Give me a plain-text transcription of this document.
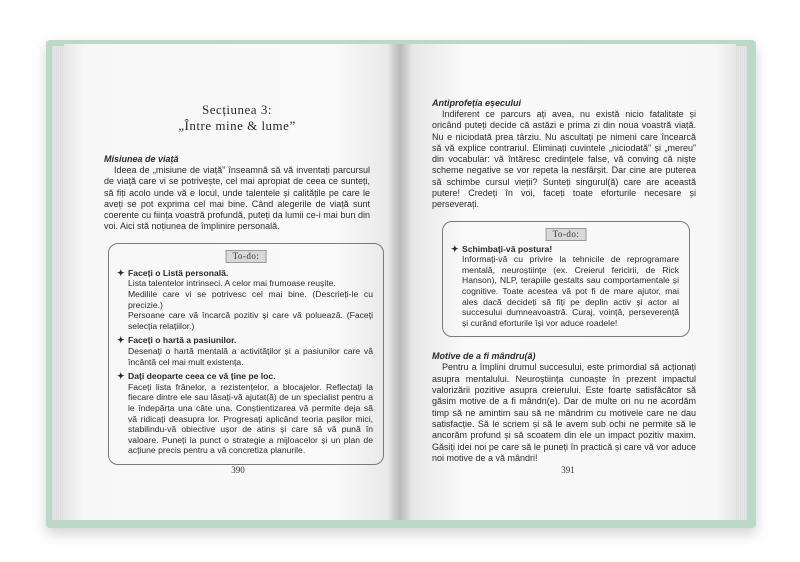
Secțiunea 3:
„Între mine & lume”

Misiunea de viață

Ideea de „misiune de viață” înseamnă să vă inventați parcursul de viață care vi se potrivește, cel mai apropiat de ceea ce sunteți, să fiți acolo unde vă e locul, unde talentele și calitățile pe care le aveți se pot exprima cel mai bine. Când alegerile de viață sunt coerente cu ființa voastră profundă, puteți da lumii ce-i mai bun din voi. Aici stă noțiunea de împlinire personală.

To-do:
✦ Faceți o Listă personală.
Lista talentelor intrinseci. A celor mai frumoase reușite.
Medilile care vi se potrivesc cel mai bine. (Descrieți-le cu precizie.)
Persoane care vă încarcă pozitiv și care vă poluează. (Faceți selecția relațiilor.)
✦ Faceți o hartă a pasiunilor.
Desenați o hartă mentală a activităților și a pasiunilor care vă încântă cel mai mult existența.
✦ Dați deoparte ceea ce vă ține pe loc.
Faceți lista frânelor, a rezistențelor, a blocajelor. Reflectați la fiecare dintre ele sau lăsați-vă ajutat(ă) de un specialist pentru a le îndepărta una câte una. Conștientizarea vă permite deja să vă ridicați deasupra lor. Progresați aplicând teoria pașilor mici, stabilindu-vă obiective ușor de atins și care să vă pună în valoare. Puneți la punct o strategie a mijloacelor și un plan de acțiune precis pentru a vă concretiza planurile.
390

Antiprofeția eșecului

Indiferent ce parcurs ați avea, nu există nicio fatalitate și oricând puteți decide că astăzi e prima zi din noua voastră viață. Nu e niciodată prea târziu. Nu ascultați pe nimeni care încearcă să vă explice contrariul. Eliminați cuvintele „niciodată” și „mereu” din vocabular: vă întăresc credințele false, vă conving că niște scheme negative se vor repeta la nesfârșit. Dar cine are puterea să schimbe cursul vieții? Sunteți singurul(ă) care are această putere! Credeți în voi, faceți toate eforturile necesare și perseverați.

To-do:
✦ Schimbați-vă postura!
Informați-vă cu privire la tehnicile de reprogramare mentală, neuroștiințe (ex. Creierul fericirii, de Rick Hanson), NLP, terapiile gestalts sau comportamentale și cognitive. Toate acestea vă pot fi de mare ajutor, mai ales dacă decideți să fiți pe deplin activ și actor al succesului dumneavoastră. Curaj, voință, perseverență și curând eforturile își vor aduce roadele!

Motive de a fi mândru(ă)

Pentru a împlini drumul succesului, este primordial să acționați asupra mentalului. Neuroștiința cunoaște în prezent impactul valorizării pozitive asupra creierului. Este foarte satisfăcător să găsim motive de a fi mândri(e). Dar de multe ori nu ne acordăm timp să ne amintim sau să ne mândrim cu motivele care ne dau satisfacție. Să le scriem și să le avem sub ochi ne permite să le ancorăm profund și să scoatem din ele un impact pozitiv maxim. Găsiți idei noi pe care să le puneți în practică și care vă vor aduce noi motive de a vă mândri!

391
